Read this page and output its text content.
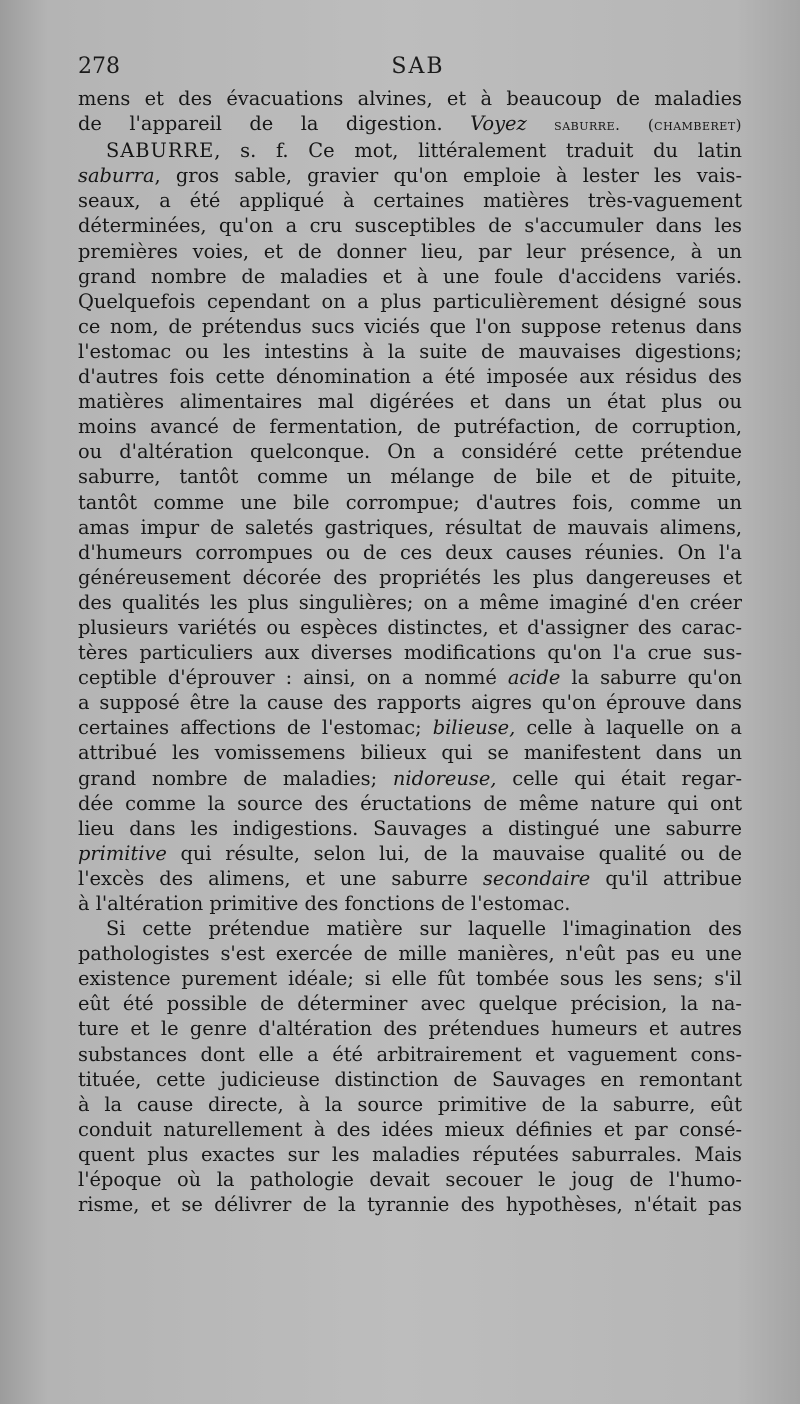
278	SAB
mens et des évacuations alvines, et à beaucoup de maladies
de l'appareil de la digestion. Voyez saburre. (chamberet)
SABURRE, s. f. Ce mot, littéralement traduit du latin
saburra, gros sable, gravier qu'on emploie à lester les vais-
seaux, a été appliqué à certaines matières très-vaguement
déterminées, qu'on a cru susceptibles de s'accumuler dans les
premières voies, et de donner lieu, par leur présence, à un
grand nombre de maladies et à une foule d'accidens variés.
Quelquefois cependant on a plus particulièrement désigné sous
ce nom, de prétendus sucs viciés que l'on suppose retenus dans
l'estomac ou les intestins à la suite de mauvaises digestions;
d'autres fois cette dénomination a été imposée aux résidus des
matières alimentaires mal digérées et dans un état plus ou
moins avancé de fermentation, de putréfaction, de corruption,
ou d'altération quelconque. On a considéré cette prétendue
saburre, tantôt comme un mélange de bile et de pituite,
tantôt comme une bile corrompue; d'autres fois, comme un
amas impur de saletés gastriques, résultat de mauvais alimens,
d'humeurs corrompues ou de ces deux causes réunies. On l'a
généreusement décorée des propriétés les plus dangereuses et
des qualités les plus singulières; on a même imaginé d'en créer
plusieurs variétés ou espèces distinctes, et d'assigner des carac-
tères particuliers aux diverses modifications qu'on l'a crue sus-
ceptible d'éprouver : ainsi, on a nommé acide la saburre qu'on
a supposé être la cause des rapports aigres qu'on éprouve dans
certaines affections de l'estomac; bilieuse, celle à laquelle on a
attribué les vomissemens bilieux qui se manifestent dans un
grand nombre de maladies; nidoreuse, celle qui était regar-
dée comme la source des éructations de même nature qui ont
lieu dans les indigestions. Sauvages a distingué une saburre
primitive qui résulte, selon lui, de la mauvaise qualité ou de
l'excès des alimens, et une saburre secondaire qu'il attribue
à l'altération primitive des fonctions de l'estomac.
Si cette prétendue matière sur laquelle l'imagination des
pathologistes s'est exercée de mille manières, n'eût pas eu une
existence purement idéale; si elle fût tombée sous les sens; s'il
eût été possible de déterminer avec quelque précision, la na-
ture et le genre d'altération des prétendues humeurs et autres
substances dont elle a été arbitrairement et vaguement cons-
tituée, cette judicieuse distinction de Sauvages en remontant
à la cause directe, à la source primitive de la saburre, eût
conduit naturellement à des idées mieux définies et par consé-
quent plus exactes sur les maladies réputées saburrales. Mais
l'époque où la pathologie devait secouer le joug de l'humo-
risme, et se délivrer de la tyrannie des hypothèses, n'était pas
